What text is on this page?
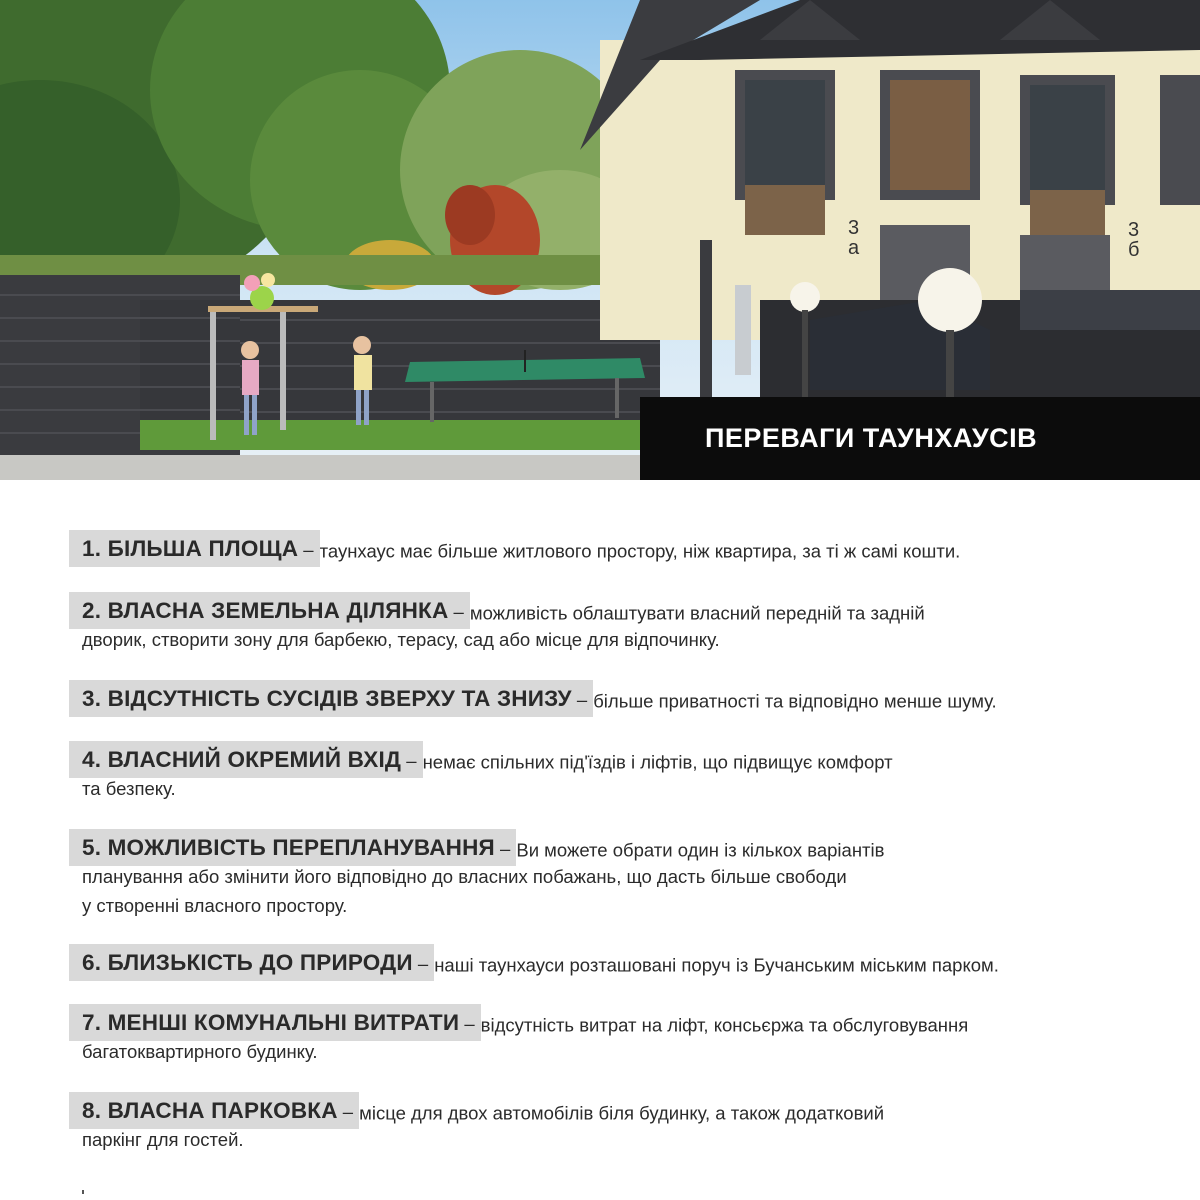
3а
3б
ПЕРЕВАГИ ТАУНХАУСІВ
1. БІЛЬША ПЛОЩА –таунхаус має більше житлового простору, ніж квартира, за ті ж самі кошти.
2. ВЛАСНА ЗЕМЕЛЬНА ДІЛЯНКА –можливість облаштувати власний передній та задній
дворик, створити зону для барбекю, терасу, сад або місце для відпочинку.
3. ВІДСУТНІСТЬ СУСІДІВ ЗВЕРХУ ТА ЗНИЗУ –більше приватності та відповідно менше шуму.
4. ВЛАСНИЙ ОКРЕМИЙ ВХІД –немає спільних під'їздів і ліфтів, що підвищує комфорт
та безпеку.
5. МОЖЛИВІСТЬ ПЕРЕПЛАНУВАННЯ –Ви можете обрати один із кількох варіантів
планування або змінити його відповідно до власних побажань, що дасть більше свободи
у створенні власного простору.
6. БЛИЗЬКІСТЬ ДО ПРИРОДИ –наші таунхауси розташовані поруч із Бучанським міським парком.
7. МЕНШІ КОМУНАЛЬНІ ВИТРАТИ –відсутність витрат на ліфт, консьєржа та обслуговування
багатоквартирного будинку.
8. ВЛАСНА ПАРКОВКА –місце для двох автомобілів біля будинку, а також додатковий
паркінг для гостей.
